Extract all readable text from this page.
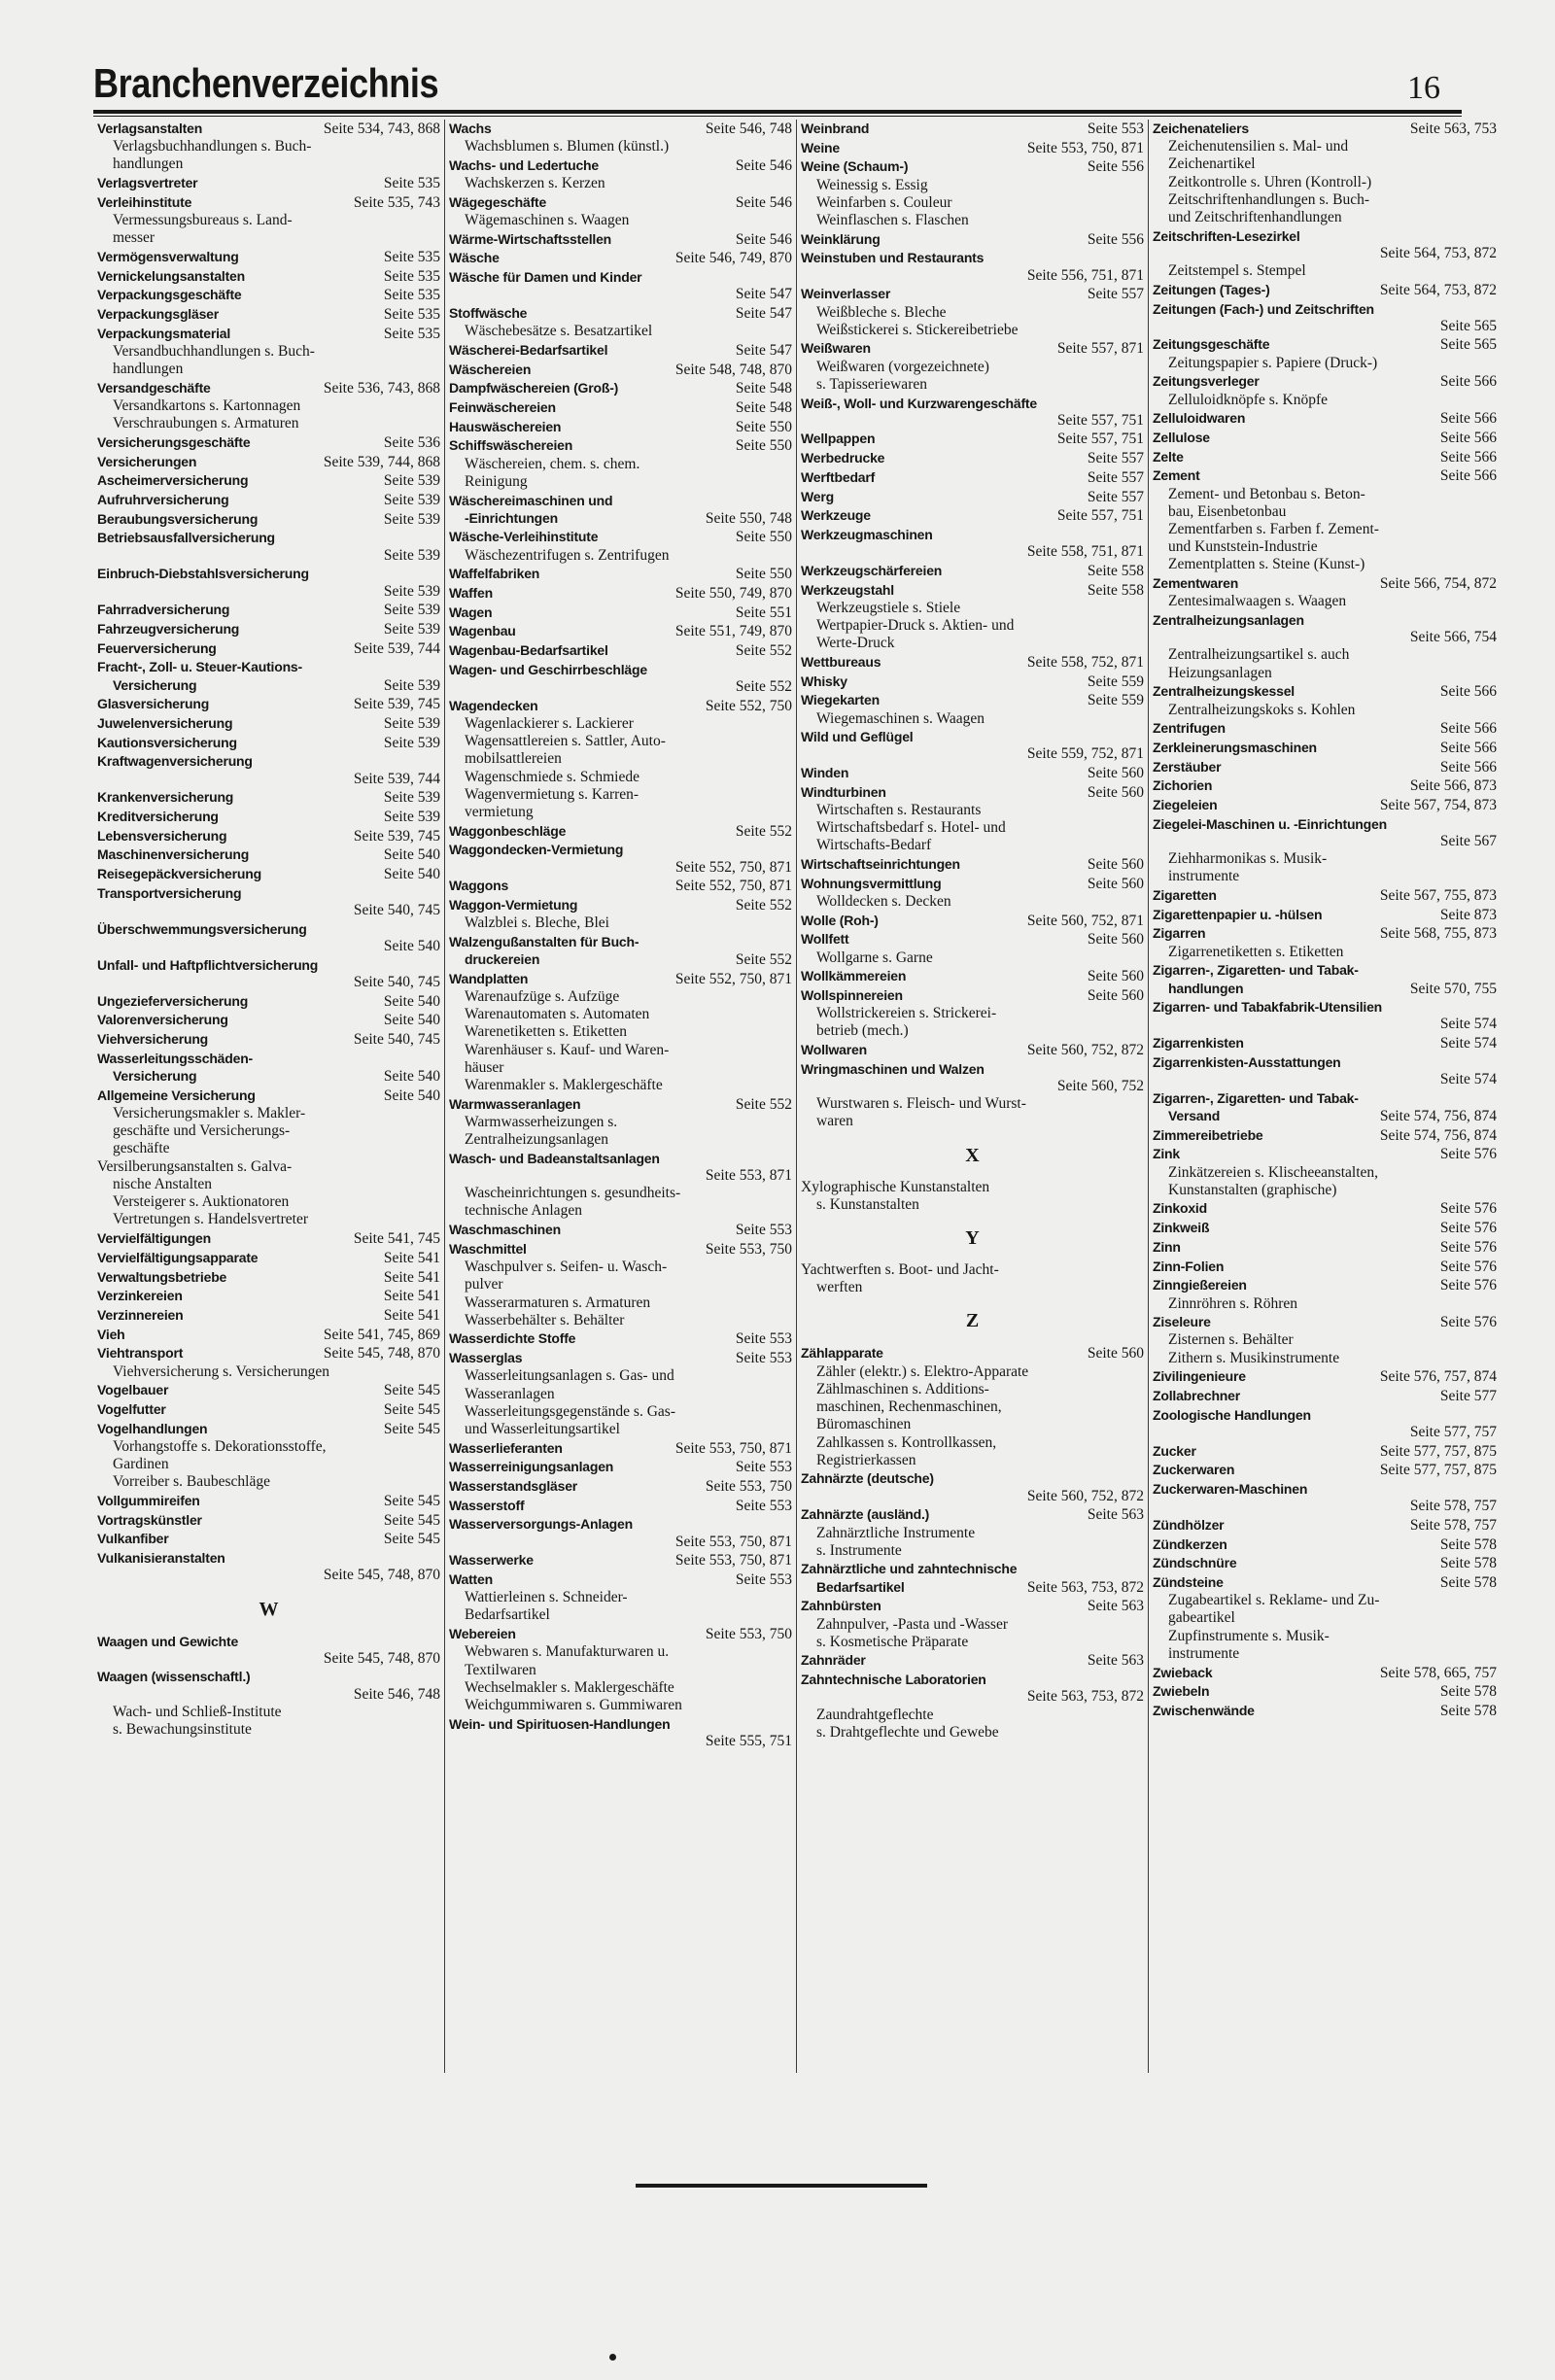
Branchenverzeichnis	16
Verlagsanstalten	Seite 534, 743, 868
Verlagsbuchhandlungen s. Buch-
handlungen
Verlagsvertreter	Seite 535
Verleihinstitute	Seite 535, 743
Vermessungsbureaus s. Land-
messer
Vermögensverwaltung	Seite 535
Vernickelungsanstalten	Seite 535
Verpackungsgeschäfte	Seite 535
Verpackungsgläser	Seite 535
Verpackungsmaterial	Seite 535
Versandbuchhandlungen s. Buch-
handlungen
Versandgeschäfte	Seite 536, 743, 868
Versandkartons s. Kartonnagen
Verschraubungen s. Armaturen
Versicherungsgeschäfte	Seite 536
Versicherungen	Seite 539, 744, 868
Ascheimerversicherung	Seite 539
Aufruhrversicherung	Seite 539
Beraubungsversicherung	Seite 539
Betriebsausfallversicherung
Seite 539
Einbruch-Diebstahlsversicherung
Seite 539
Fahrradversicherung	Seite 539
Fahrzeugversicherung	Seite 539
Feuerversicherung	Seite 539, 744
Fracht-, Zoll- u. Steuer-Kautions-
Versicherung	Seite 539
Glasversicherung	Seite 539, 745
Juwelenversicherung	Seite 539
Kautionsversicherung	Seite 539
Kraftwagenversicherung
Seite 539, 744
Krankenversicherung	Seite 539
Kreditversicherung	Seite 539
Lebensversicherung	Seite 539, 745
Maschinenversicherung	Seite 540
Reisegepäckversicherung	Seite 540
Transportversicherung
Seite 540, 745
Überschwemmungsversicherung
Seite 540
Unfall- und Haftpflichtversicherung
Seite 540, 745
Ungezieferversicherung	Seite 540
Valorenversicherung	Seite 540
Viehversicherung	Seite 540, 745
Wasserleitungsschäden-
Versicherung	Seite 540
Allgemeine Versicherung	Seite 540
Versicherungsmakler s. Makler-
geschäfte und Versicherungs-
geschäfte
Versilberungsanstalten s. Galva-
nische Anstalten
Versteigerer s. Auktionatoren
Vertretungen s. Handelsvertreter
Vervielfältigungen	Seite 541, 745
Vervielfältigungsapparate	Seite 541
Verwaltungsbetriebe	Seite 541
Verzinkereien	Seite 541
Verzinnereien	Seite 541
Vieh	Seite 541, 745, 869
Viehtransport	Seite 545, 748, 870
Viehversicherung s. Versicherungen
Vogelbauer	Seite 545
Vogelfutter	Seite 545
Vogelhandlungen	Seite 545
Vorhangstoffe s. Dekorationsstoffe,
Gardinen
Vorreiber s. Baubeschläge
Vollgummireifen	Seite 545
Vortragskünstler	Seite 545
Vulkanfiber	Seite 545
Vulkanisieranstalten
Seite 545, 748, 870
W
Waagen und Gewichte
Seite 545, 748, 870
Waagen (wissenschaftl.)
Seite 546, 748
Wach- und Schließ-Institute
s. Bewachungsinstitute
Wachs	Seite 546, 748
Wachsblumen s. Blumen (künstl.)
Wachs- und Ledertuche	Seite 546
Wachskerzen s. Kerzen
Wägegeschäfte	Seite 546
Wägemaschinen s. Waagen
Wärme-Wirtschaftsstellen	Seite 546
Wäsche	Seite 546, 749, 870
Wäsche für Damen und Kinder
Seite 547
Stoffwäsche	Seite 547
Wäschebesätze s. Besatzartikel
Wäscherei-Bedarfsartikel	Seite 547
Wäschereien	Seite 548, 748, 870
Dampfwäschereien (Groß-)	Seite 548
Feinwäschereien	Seite 548
Hauswäschereien	Seite 550
Schiffswäschereien	Seite 550
Wäschereien, chem. s. chem.
Reinigung
Wäschereimaschinen und
-Einrichtungen	Seite 550, 748
Wäsche-Verleihinstitute	Seite 550
Wäschezentrifugen s. Zentrifugen
Waffelfabriken	Seite 550
Waffen	Seite 550, 749, 870
Wagen	Seite 551
Wagenbau	Seite 551, 749, 870
Wagenbau-Bedarfsartikel	Seite 552
Wagen- und Geschirrbeschläge
Seite 552
Wagendecken	Seite 552, 750
Wagenlackierer s. Lackierer
Wagensattlereien s. Sattler, Auto-
mobilsattlereien
Wagenschmiede s. Schmiede
Wagenvermietung s. Karren-
vermietung
Waggonbeschläge	Seite 552
Waggondecken-Vermietung
Seite 552, 750, 871
Waggons	Seite 552, 750, 871
Waggon-Vermietung	Seite 552
Walzblei s. Bleche, Blei
Walzengußanstalten für Buch-
druckereien	Seite 552
Wandplatten	Seite 552, 750, 871
Warenaufzüge s. Aufzüge
Warenautomaten s. Automaten
Warenetiketten s. Etiketten
Warenhäuser s. Kauf- und Waren-
häuser
Warenmakler s. Maklergeschäfte
Warmwasseranlagen	Seite 552
Warmwasserheizungen s.
Zentralheizungsanlagen
Wasch- und Badeanstaltsanlagen
Seite 553, 871
Wascheinrichtungen s. gesundheits-
technische Anlagen
Waschmaschinen	Seite 553
Waschmittel	Seite 553, 750
Waschpulver s. Seifen- u. Wasch-
pulver
Wasserarmaturen s. Armaturen
Wasserbehälter s. Behälter
Wasserdichte Stoffe	Seite 553
Wasserglas	Seite 553
Wasserleitungsanlagen s. Gas- und
Wasseranlagen
Wasserleitungsgegenstände s. Gas-
und Wasserleitungsartikel
Wasserlieferanten	Seite 553, 750, 871
Wasserreinigungsanlagen	Seite 553
Wasserstandsgläser	Seite 553, 750
Wasserstoff	Seite 553
Wasserversorgungs-Anlagen
Seite 553, 750, 871
Wasserwerke	Seite 553, 750, 871
Watten	Seite 553
Wattierleinen s. Schneider-
Bedarfsartikel
Webereien	Seite 553, 750
Webwaren s. Manufakturwaren u.
Textilwaren
Wechselmakler s. Maklergeschäfte
Weichgummiwaren s. Gummiwaren
Wein- und Spirituosen-Handlungen
Seite 555, 751
Weinbrand	Seite 553
Weine	Seite 553, 750, 871
Weine (Schaum-)	Seite 556
Weinessig s. Essig
Weinfarben s. Couleur
Weinflaschen s. Flaschen
Weinklärung	Seite 556
Weinstuben und Restaurants
Seite 556, 751, 871
Weinverlasser	Seite 557
Weißbleche s. Bleche
Weißstickerei s. Stickereibetriebe
Weißwaren	Seite 557, 871
Weißwaren (vorgezeichnete)
s. Tapisseriewaren
Weiß-, Woll- und Kurzwarengeschäfte
Seite 557, 751
Wellpappen	Seite 557, 751
Werbedrucke	Seite 557
Werftbedarf	Seite 557
Werg	Seite 557
Werkzeuge	Seite 557, 751
Werkzeugmaschinen
Seite 558, 751, 871
Werkzeugschärfereien	Seite 558
Werkzeugstahl	Seite 558
Werkzeugstiele s. Stiele
Wertpapier-Druck s. Aktien- und
Werte-Druck
Wettbureaus	Seite 558, 752, 871
Whisky	Seite 559
Wiegekarten	Seite 559
Wiegemaschinen s. Waagen
Wild und Geflügel
Seite 559, 752, 871
Winden	Seite 560
Windturbinen	Seite 560
Wirtschaften s. Restaurants
Wirtschaftsbedarf s. Hotel- und
Wirtschafts-Bedarf
Wirtschaftseinrichtungen	Seite 560
Wohnungsvermittlung	Seite 560
Wolldecken s. Decken
Wolle (Roh-)	Seite 560, 752, 871
Wollfett	Seite 560
Wollgarne s. Garne
Wollkämmereien	Seite 560
Wollspinnereien	Seite 560
Wollstrickereien s. Strickerei-
betrieb (mech.)
Wollwaren	Seite 560, 752, 872
Wringmaschinen und Walzen
Seite 560, 752
Wurstwaren s. Fleisch- und Wurst-
waren
X
Xylographische Kunstanstalten
s. Kunstanstalten
Y
Yachtwerften s. Boot- und Jacht-
werften
Z
Zählapparate	Seite 560
Zähler (elektr.) s. Elektro-Apparate
Zählmaschinen s. Additions-
maschinen, Rechenmaschinen,
Büromaschinen
Zahlkassen s. Kontrollkassen,
Registrierkassen
Zahnärzte (deutsche)
Seite 560, 752, 872
Zahnärzte (ausländ.)	Seite 563
Zahnärztliche Instrumente
s. Instrumente
Zahnärztliche und zahntechnische
Bedarfsartikel	Seite 563, 753, 872
Zahnbürsten	Seite 563
Zahnpulver, -Pasta und -Wasser
s. Kosmetische Präparate
Zahnräder	Seite 563
Zahntechnische Laboratorien
Seite 563, 753, 872
Zaundrahtgeflechte
s. Drahtgeflechte und Gewebe
Zeichenateliers	Seite 563, 753
Zeichenutensilien s. Mal- und
Zeichenartikel
Zeitkontrolle s. Uhren (Kontroll-)
Zeitschriftenhandlungen s. Buch-
und Zeitschriftenhandlungen
Zeitschriften-Lesezirkel
Seite 564, 753, 872
Zeitstempel s. Stempel
Zeitungen (Tages-)	Seite 564, 753, 872
Zeitungen (Fach-) und Zeitschriften
Seite 565
Zeitungsgeschäfte	Seite 565
Zeitungspapier s. Papiere (Druck-)
Zeitungsverleger	Seite 566
Zelluloidknöpfe s. Knöpfe
Zelluloidwaren	Seite 566
Zellulose	Seite 566
Zelte	Seite 566
Zement	Seite 566
Zement- und Betonbau s. Beton-
bau, Eisenbetonbau
Zementfarben s. Farben f. Zement-
und Kunststein-Industrie
Zementplatten s. Steine (Kunst-)
Zementwaren	Seite 566, 754, 872
Zentesimalwaagen s. Waagen
Zentralheizungsanlagen
Seite 566, 754
Zentralheizungsartikel s. auch
Heizungsanlagen
Zentralheizungskessel	Seite 566
Zentralheizungskoks s. Kohlen
Zentrifugen	Seite 566
Zerkleinerungsmaschinen	Seite 566
Zerstäuber	Seite 566
Zichorien	Seite 566, 873
Ziegeleien	Seite 567, 754, 873
Ziegelei-Maschinen u. -Einrichtungen
Seite 567
Ziehharmonikas s. Musik-
instrumente
Zigaretten	Seite 567, 755, 873
Zigarettenpapier u. -hülsen	Seite 873
Zigarren	Seite 568, 755, 873
Zigarrenetiketten s. Etiketten
Zigarren-, Zigaretten- und Tabak-
handlungen	Seite 570, 755
Zigarren- und Tabakfabrik-Utensilien
Seite 574
Zigarrenkisten	Seite 574
Zigarrenkisten-Ausstattungen
Seite 574
Zigarren-, Zigaretten- und Tabak-
Versand	Seite 574, 756, 874
Zimmereibetriebe	Seite 574, 756, 874
Zink	Seite 576
Zinkätzereien s. Klischeeanstalten,
Kunstanstalten (graphische)
Zinkoxid	Seite 576
Zinkweiß	Seite 576
Zinn	Seite 576
Zinn-Folien	Seite 576
Zinngießereien	Seite 576
Zinnröhren s. Röhren
Ziseleure	Seite 576
Zisternen s. Behälter
Zithern s. Musikinstrumente
Zivilingenieure	Seite 576, 757, 874
Zollabrechner	Seite 577
Zoologische Handlungen
Seite 577, 757
Zucker	Seite 577, 757, 875
Zuckerwaren	Seite 577, 757, 875
Zuckerwaren-Maschinen
Seite 578, 757
Zündhölzer	Seite 578, 757
Zündkerzen	Seite 578
Zündschnüre	Seite 578
Zündsteine	Seite 578
Zugabeartikel s. Reklame- und Zu-
gabeartikel
Zupfinstrumente s. Musik-
instrumente
Zwieback	Seite 578, 665, 757
Zwiebeln	Seite 578
Zwischenwände	Seite 578
